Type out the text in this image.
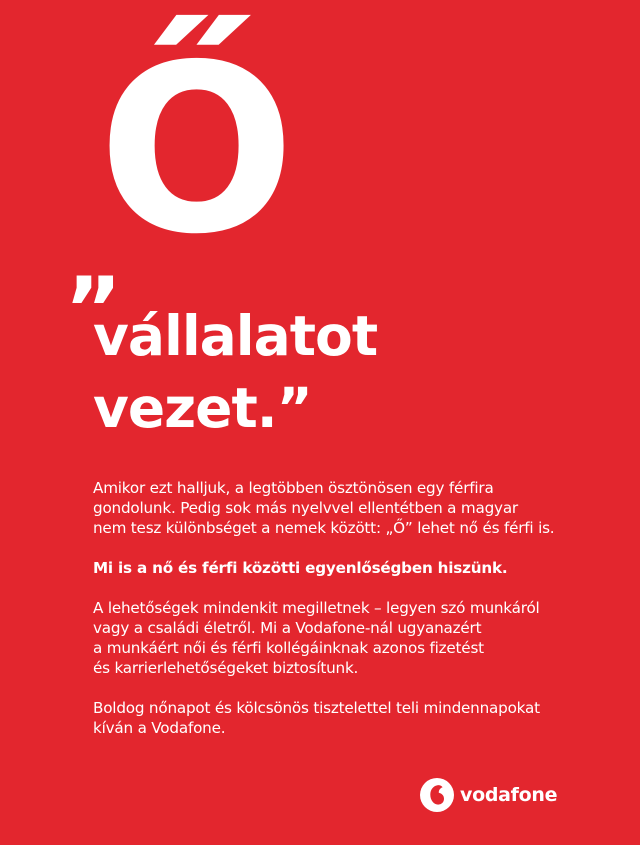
„
Ő
vállalatot
vezet.”

Amikor ezt halljuk, a legtöbben ösztönösen egy férfira
gondolunk. Pedig sok más nyelvvel ellentétben a magyar
nem tesz különbséget a nemek között: „Ő” lehet nő és férfi is.

Mi is a nő és férfi közötti egyenlőségben hiszünk.

A lehetőségek mindenkit megilletnek – legyen szó munkáról
vagy a családi életről. Mi a Vodafone-nál ugyanazért
a munkáért női és férfi kollégáinknak azonos fizetést
és karrierlehetőségeket biztosítunk.

Boldog nőnapot és kölcsönös tisztelettel teli mindennapokat
kíván a Vodafone.

vodafone
